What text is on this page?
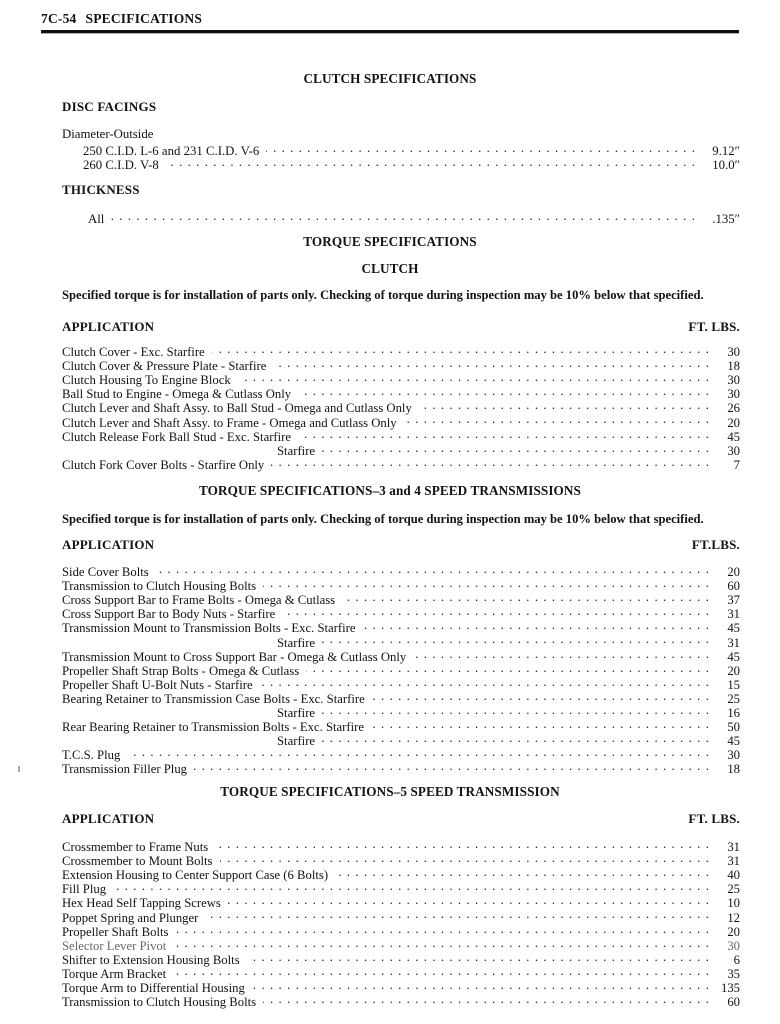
7C-54 SPECIFICATIONS
CLUTCH SPECIFICATIONS
DISC FACINGS
Diameter-Outside
250 C.I.D. L-6 and 231 C.I.D. V-6 . . .	9.12″
260 C.I.D. V-8 . . .	10.0″
THICKNESS
All . . .	.135″
TORQUE SPECIFICATIONS
CLUTCH
Specified torque is for installation of parts only. Checking of torque during inspection may be 10% below that specified.
FT. LBS.
APPLICATION
Clutch Cover - Exc. Starfire . . .	30
Clutch Cover & Pressure Plate - Starfire . . .	18
Clutch Housing To Engine Block . . .	30
Ball Stud to Engine - Omega & Cutlass Only . . .	30
Clutch Lever and Shaft Assy. to Ball Stud - Omega and Cutlass Only . . .	26
Clutch Lever and Shaft Assy. to Frame - Omega and Cutlass Only . . .	20
Clutch Release Fork Ball Stud - Exc. Starfire . . .	45
Starfire . . .	30
Clutch Fork Cover Bolts - Starfire Only . . .	7
TORQUE SPECIFICATIONS–3 and 4 SPEED TRANSMISSIONS
Specified torque is for installation of parts only. Checking of torque during inspection may be 10% below that specified.
FT.LBS.
APPLICATION
Side Cover Bolts . . .	20
Transmission to Clutch Housing Bolts . . .	60
Cross Support Bar to Frame Bolts - Omega & Cutlass . . .	37
Cross Support Bar to Body Nuts - Starfire . . .	31
Transmission Mount to Transmission Bolts - Exc. Starfire . . .	45
Starfire . . .	31
Transmission Mount to Cross Support Bar - Omega & Cutlass Only . . .	45
Propeller Shaft Strap Bolts - Omega & Cutlass . . .	20
Propeller Shaft U-Bolt Nuts - Starfire . . .	15
Bearing Retainer to Transmission Case Bolts - Exc. Starfire . . .	25
Starfire . . .	16
Rear Bearing Retainer to Transmission Bolts - Exc. Starfire . . .	50
Starfire . . .	45
T.C.S. Plug . . .	30
Transmission Filler Plug . . .	18
TORQUE SPECIFICATIONS–5 SPEED TRANSMISSION
FT. LBS.
APPLICATION
Crossmember to Frame Nuts . . .	31
Crossmember to Mount Bolts . . .	31
Extension Housing to Center Support Case (6 Bolts) . . .	40
Fill Plug . . .	25
Hex Head Self Tapping Screws . . .	10
Poppet Spring and Plunger . . .	12
Propeller Shaft Bolts . . .	20
Selector Lever Pivot . . .	30
Shifter to Extension Housing Bolts . . .	6
Torque Arm Bracket . . .	35
Torque Arm to Differential Housing . . .	135
Transmission to Clutch Housing Bolts . . .	60
